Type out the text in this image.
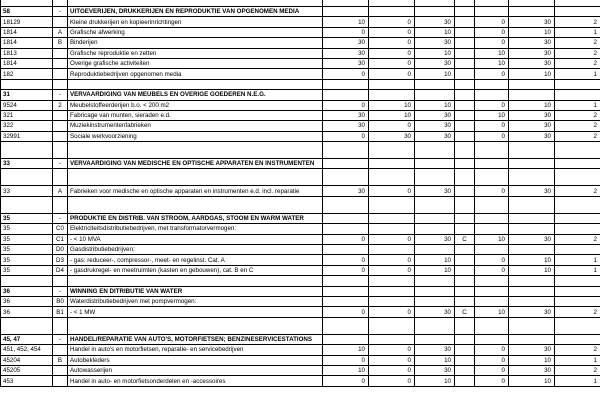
58	-	UITGEVERIJEN, DRUKKERIJEN EN REPRODUKTIE VAN OPGENOMEN MEDIA							
18129		Kleine drukkerijen en kopieerinrichtingen	10	0	30		0	30	2
1814	A	Grafische afwerking	0	0	10		0	10	1
1814	B	Binderijen	30	0	30		0	30	2
1813		Grafische reproduktie en zetten	30	0	10		10	30	2
1814		Overige grafische activiteiten	30	0	30		10	30	2
182		Reproduktiebedrijven opgenomen media	0	0	10		0	10	1

31	-	VERVAARDIGING VAN MEUBELS EN OVERIGE GOEDEREN N.E.G.							
9524	2	Meubelstoffeerderijen b.o. < 200 m2	0	10	10		0	10	1
321		Fabricage van munten, sieraden e.d.	30	10	30		10	30	2
322		Muziekinstrumentenfabrieken	30	0	30		0	30	2
32991		Sociale werkvoorziening	0	30	30		0	30	2

33	-	VERVAARDIGING VAN MEDISCHE EN OPTISCHE APPARATEN EN INSTRUMENTEN							

33	A	Fabrieken voor medische en optische apparaten en instrumenten e.d. incl. reparatie	30	0	30		0	30	2

35	-	PRODUKTIE EN DISTRIB. VAN STROOM, AARDGAS, STOOM EN WARM WATER							
35	C0	Elektriciteitsdistributiebedrijven, met transformatorvermogen:							
35	C1	- < 10 MVA	0	0	30	C	10	30	2
35	D0	Gasdistributiebedrijven:							
35	D3	- gas: reduceer-, compressor-, meet- en regelinst. Cat. A	0	0	10		0	10	1
35	D4	- gasdrukregel- en meetruimten (kasten en gebouwen), cat. B en C	0	0	10		0	10	1

36	-	WINNING EN DITRIBUTIE VAN WATER							
36	B0	Waterdistributiebedrijven met pompvermogen:							
36	B1	- < 1 MW	0	0	30	C	10	30	2

45, 47	-	HANDEL/REPARATIE VAN AUTO'S, MOTORFIETSEN; BENZINESERVICESTATIONS							
451, 452, 454		Handel in auto's en motorfietsen, reparatie- en servicebedrijven	10	0	30		0	30	2
45204	B	Autobekleders	0	0	10		0	10	1
45205		Autowasserijen	10	0	30		0	30	2
453		Handel in auto- en motorfietsonderdelen en -accessoires	0	0	10		0	10	1
